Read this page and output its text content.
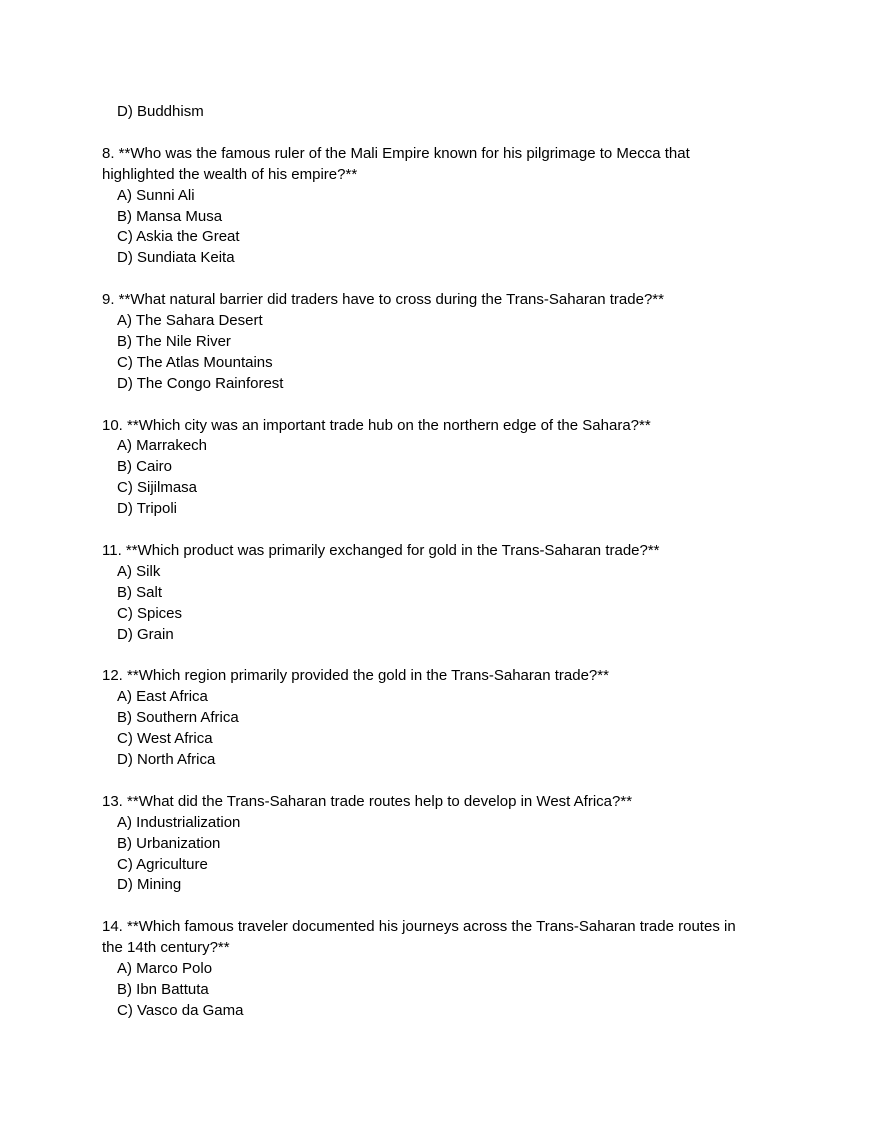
D) Buddhism
8. **Who was the famous ruler of the Mali Empire known for his pilgrimage to Mecca that
highlighted the wealth of his empire?**
A) Sunni Ali
B) Mansa Musa
C) Askia the Great
D) Sundiata Keita
9. **What natural barrier did traders have to cross during the Trans-Saharan trade?**
A) The Sahara Desert
B) The Nile River
C) The Atlas Mountains
D) The Congo Rainforest
10. **Which city was an important trade hub on the northern edge of the Sahara?**
A) Marrakech
B) Cairo
C) Sijilmasa
D) Tripoli
11. **Which product was primarily exchanged for gold in the Trans-Saharan trade?**
A) Silk
B) Salt
C) Spices
D) Grain
12. **Which region primarily provided the gold in the Trans-Saharan trade?**
A) East Africa
B) Southern Africa
C) West Africa
D) North Africa
13. **What did the Trans-Saharan trade routes help to develop in West Africa?**
A) Industrialization
B) Urbanization
C) Agriculture
D) Mining
14. **Which famous traveler documented his journeys across the Trans-Saharan trade routes in
the 14th century?**
A) Marco Polo
B) Ibn Battuta
C) Vasco da Gama
